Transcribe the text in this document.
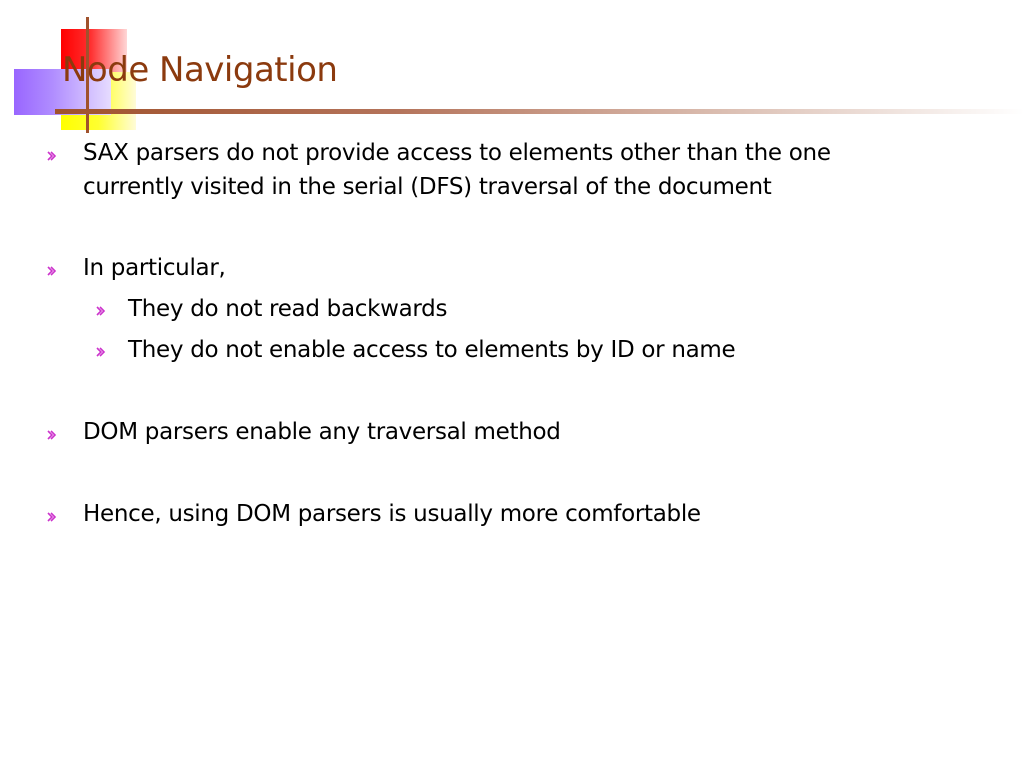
Node Navigation
SAX parsers do not provide access to elements other than the one
currently visited in the serial (DFS) traversal of the document
In particular,
They do not read backwards
They do not enable access to elements by ID or name
DOM parsers enable any traversal method
Hence, using DOM parsers is usually more comfortable
